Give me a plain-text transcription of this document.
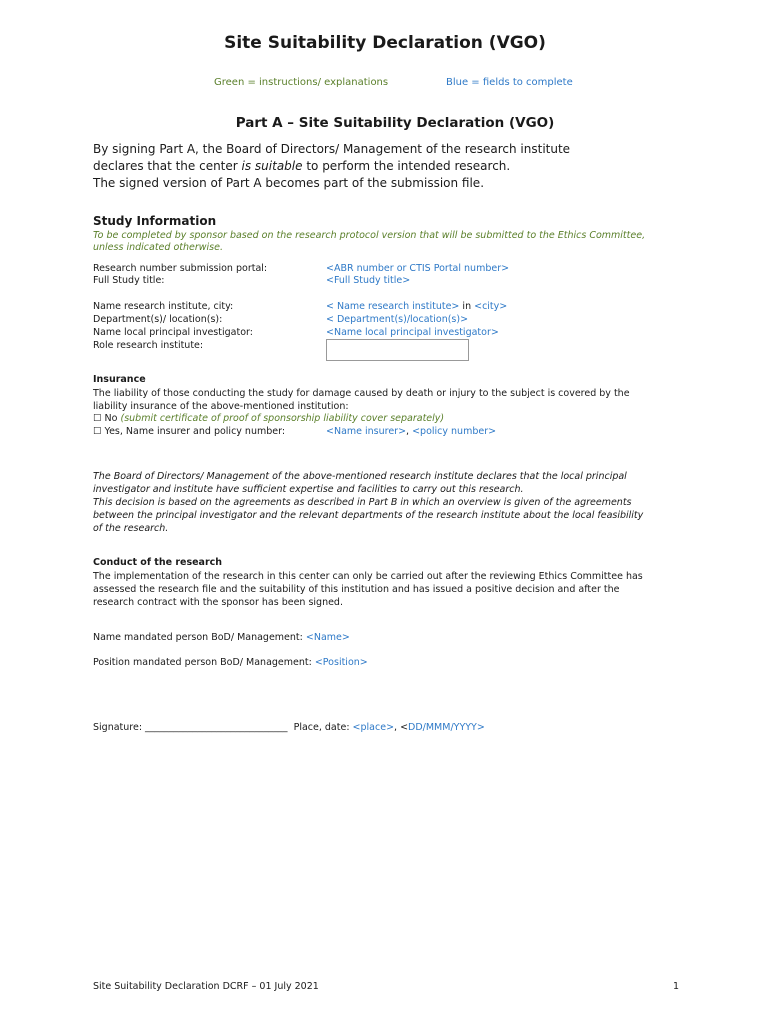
Site Suitability Declaration (VGO)
Green = instructions/ explanations	Blue = fields to complete
Part A – Site Suitability Declaration (VGO)
By signing Part A, the Board of Directors/ Management of the research institute
declares that the center is suitable to perform the intended research.
The signed version of Part A becomes part of the submission file.
Study Information
To be completed by sponsor based on the research protocol version that will be submitted to the Ethics Committee,
unless indicated otherwise.
Research number submission portal:	<ABR number or CTIS Portal number>
Full Study title:	<Full Study title>
Name research institute, city:	< Name research institute> in <city>
Department(s)/ location(s):	< Department(s)/location(s)>
Name local principal investigator:	<Name local principal investigator>
Role research institute:
Insurance
The liability of those conducting the study for damage caused by death or injury to the subject is covered by the
liability insurance of the above-mentioned institution:
☐ No (submit certificate of proof of sponsorship liability cover separately)
☐ Yes, Name insurer and policy number:	<Name insurer>, <policy number>
The Board of Directors/ Management of the above-mentioned research institute declares that the local principal
investigator and institute have sufficient expertise and facilities to carry out this research.
This decision is based on the agreements as described in Part B in which an overview is given of the agreements
between the principal investigator and the relevant departments of the research institute about the local feasibility
of the research.
Conduct of the research
The implementation of the research in this center can only be carried out after the reviewing Ethics Committee has
assessed the research file and the suitability of this institution and has issued a positive decision and after the
research contract with the sponsor has been signed.
Name mandated person BoD/ Management: <Name>
Position mandated person BoD/ Management: <Position>
Signature: ______________________________  Place, date: <place>, <DD/MMM/YYYY>
Site Suitability Declaration DCRF – 01 July 2021	1
